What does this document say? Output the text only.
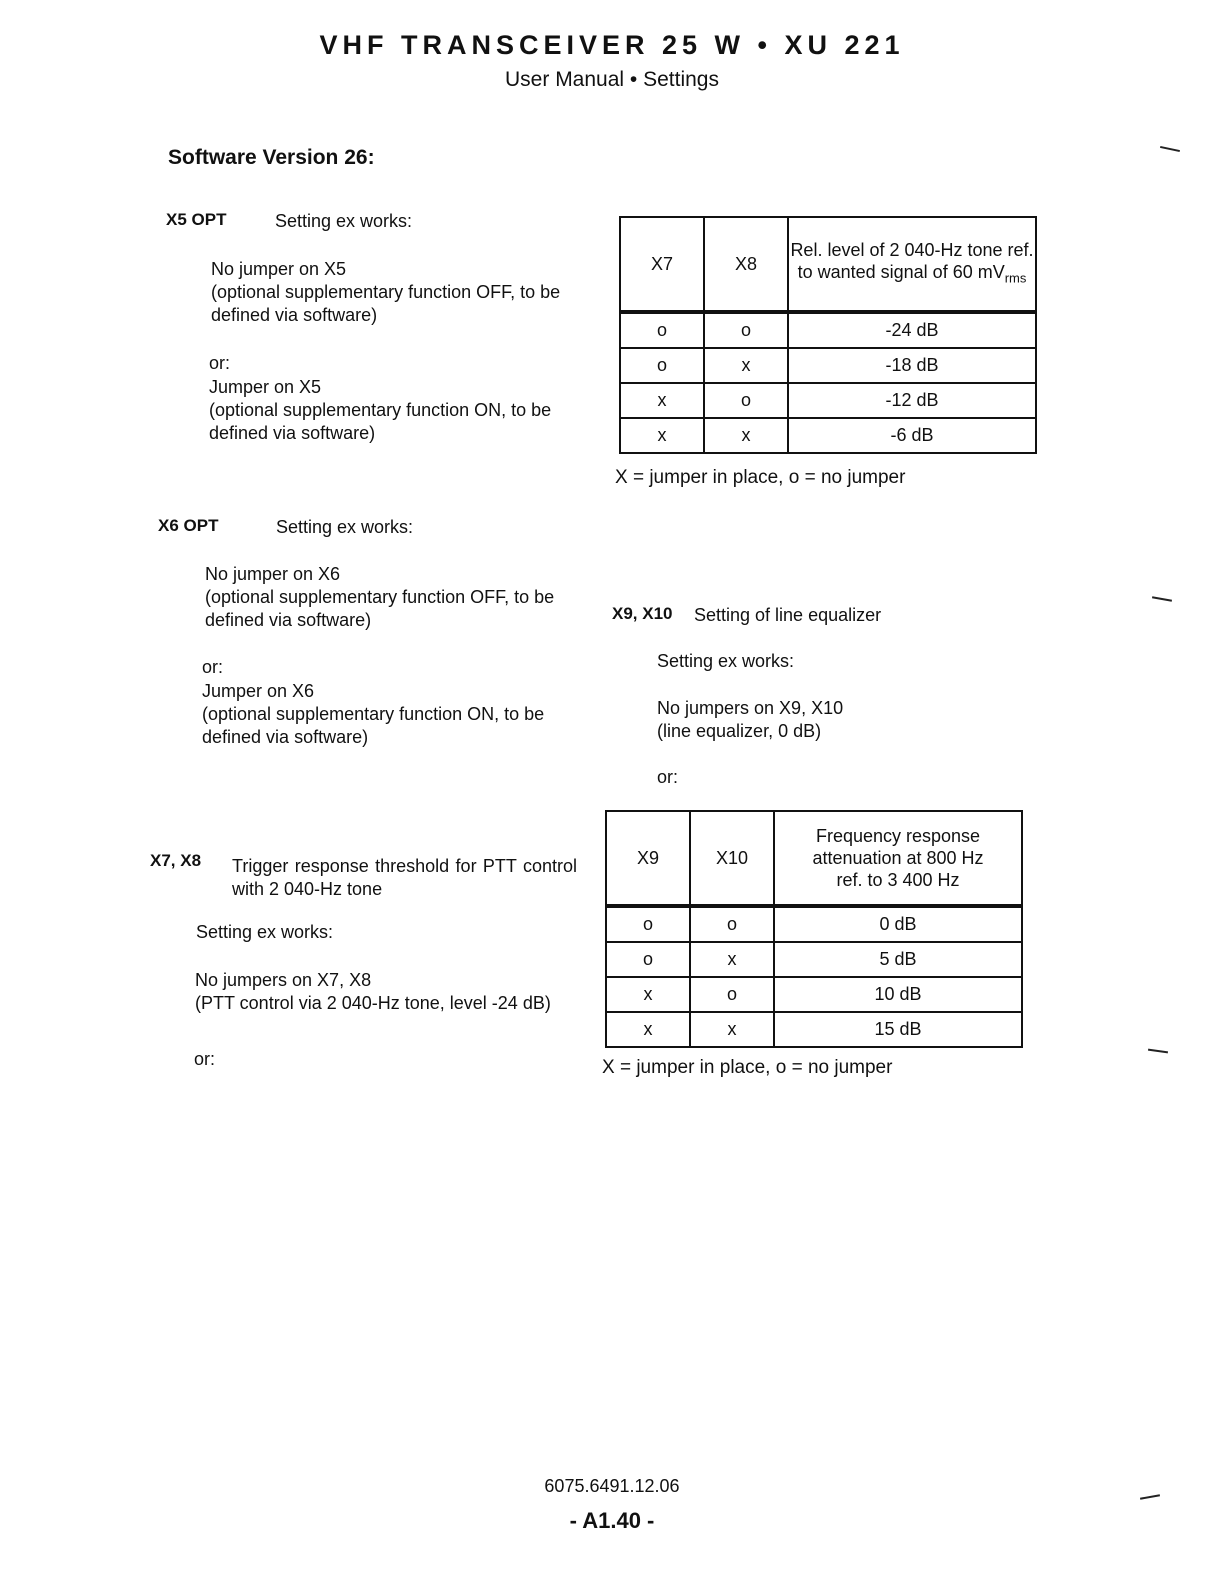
VHF TRANSCEIVER 25 W • XU 221
User Manual • Settings
Software Version 26:
X5 OPT	Setting ex works:
No jumper on X5
(optional supplementary function OFF, to be defined via software)
or:
Jumper on X5
(optional supplementary function ON, to be defined via software)
X7	X8	Rel. level of 2 040-Hz tone ref. to wanted signal of 60 $mV_{rms}$
o	o	-24 dB
o	x	-18 dB
x	o	-12 dB
x	x	-6 dB
X = jumper in place, o = no jumper
X6 OPT	Setting ex works:
No jumper on X6
(optional supplementary function OFF, to be defined via software)
or:
Jumper on X6
(optional supplementary function ON, to be defined via software)
X9, X10 Setting of line equalizer
Setting ex works:
No jumpers on X9, X10
(line equalizer, 0 dB)
or:
X9	X10	Frequency response attenuation at 800 Hz ref. to 3 400 Hz
o	o	0 dB
o	x	5 dB
x	o	10 dB
x	x	15 dB
X = jumper in place, o = no jumper
X7, X8 Trigger response threshold for PTT control with 2 040-Hz tone
Setting ex works:
No jumpers on X7, X8
(PTT control via 2 040-Hz tone, level -24 dB)
or:
6075.6491.12.06
- A1.40 -
